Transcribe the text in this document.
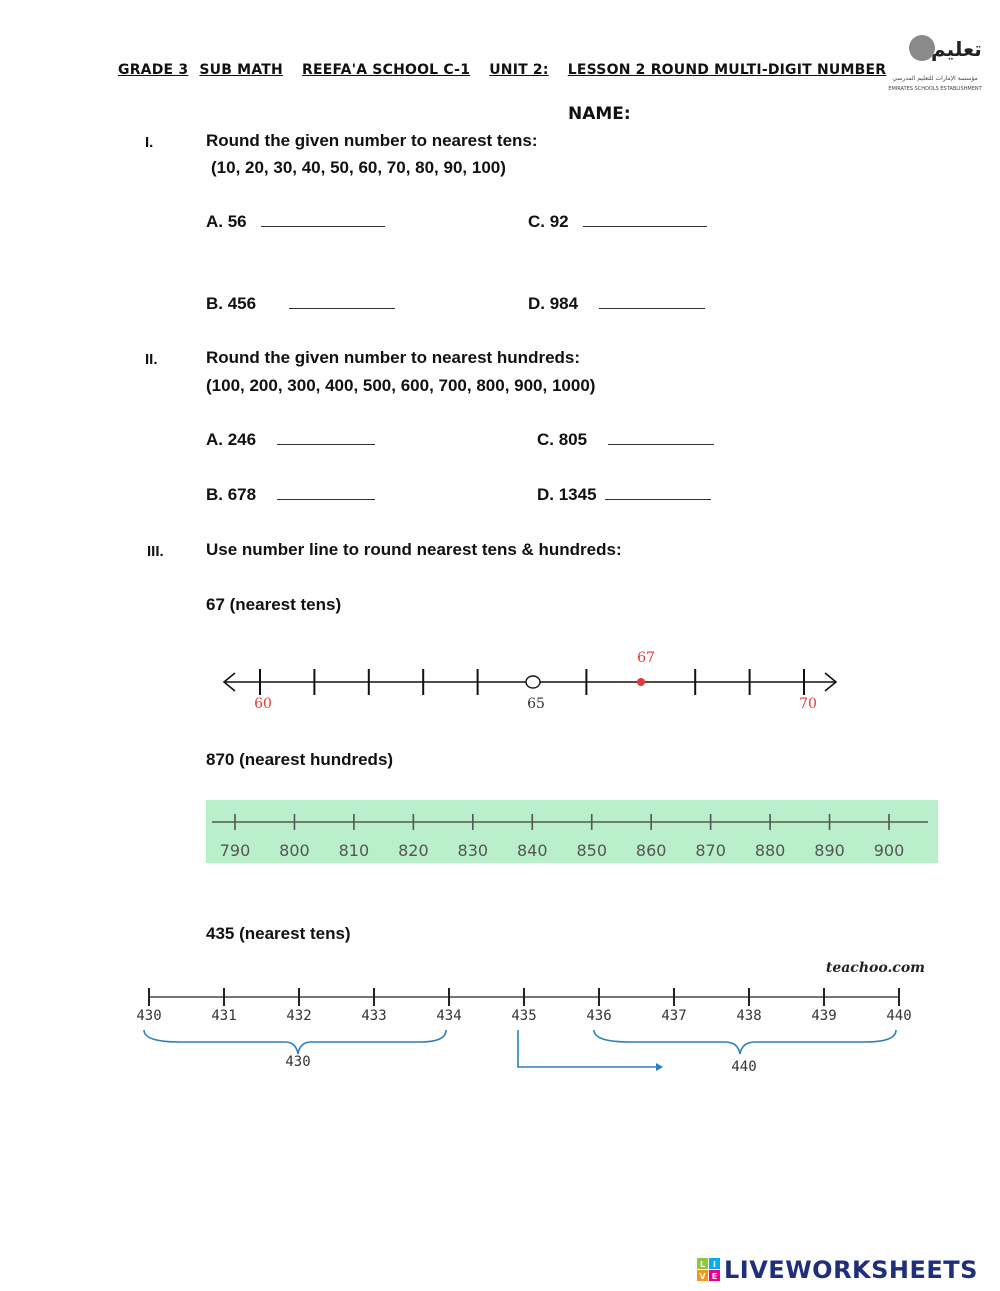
GRADE 3 SUB MATH REEFA'A SCHOOL C-1 UNIT 2: LESSON 2 ROUND MULTI-DIGIT NUMBER
تعليم
مؤسسة الإمارات للتعليم المدرسي
EMIRATES SCHOOLS ESTABLISHMENT
NAME:
I.	Round the given number to nearest tens:
(10, 20, 30, 40, 50, 60, 70, 80, 90, 100)
A. 56	C. 92
B. 456	D. 984
II.	Round the given number to nearest hundreds:
(100, 200, 300, 400, 500, 600, 700, 800, 900, 1000)
A. 246	C. 805
B. 678	D. 1345
III. Use number line to round nearest tens & hundreds:
67 (nearest tens)
60	65	70
67
870 (nearest hundreds)
790 800 810 820 830 840 850 860 870 880 890 900
435 (nearest tens)
teachoo.com
430	431	432	433	434	435	436	437	438	439	440
430	440
L I
V E LIVEWORKSHEETS
